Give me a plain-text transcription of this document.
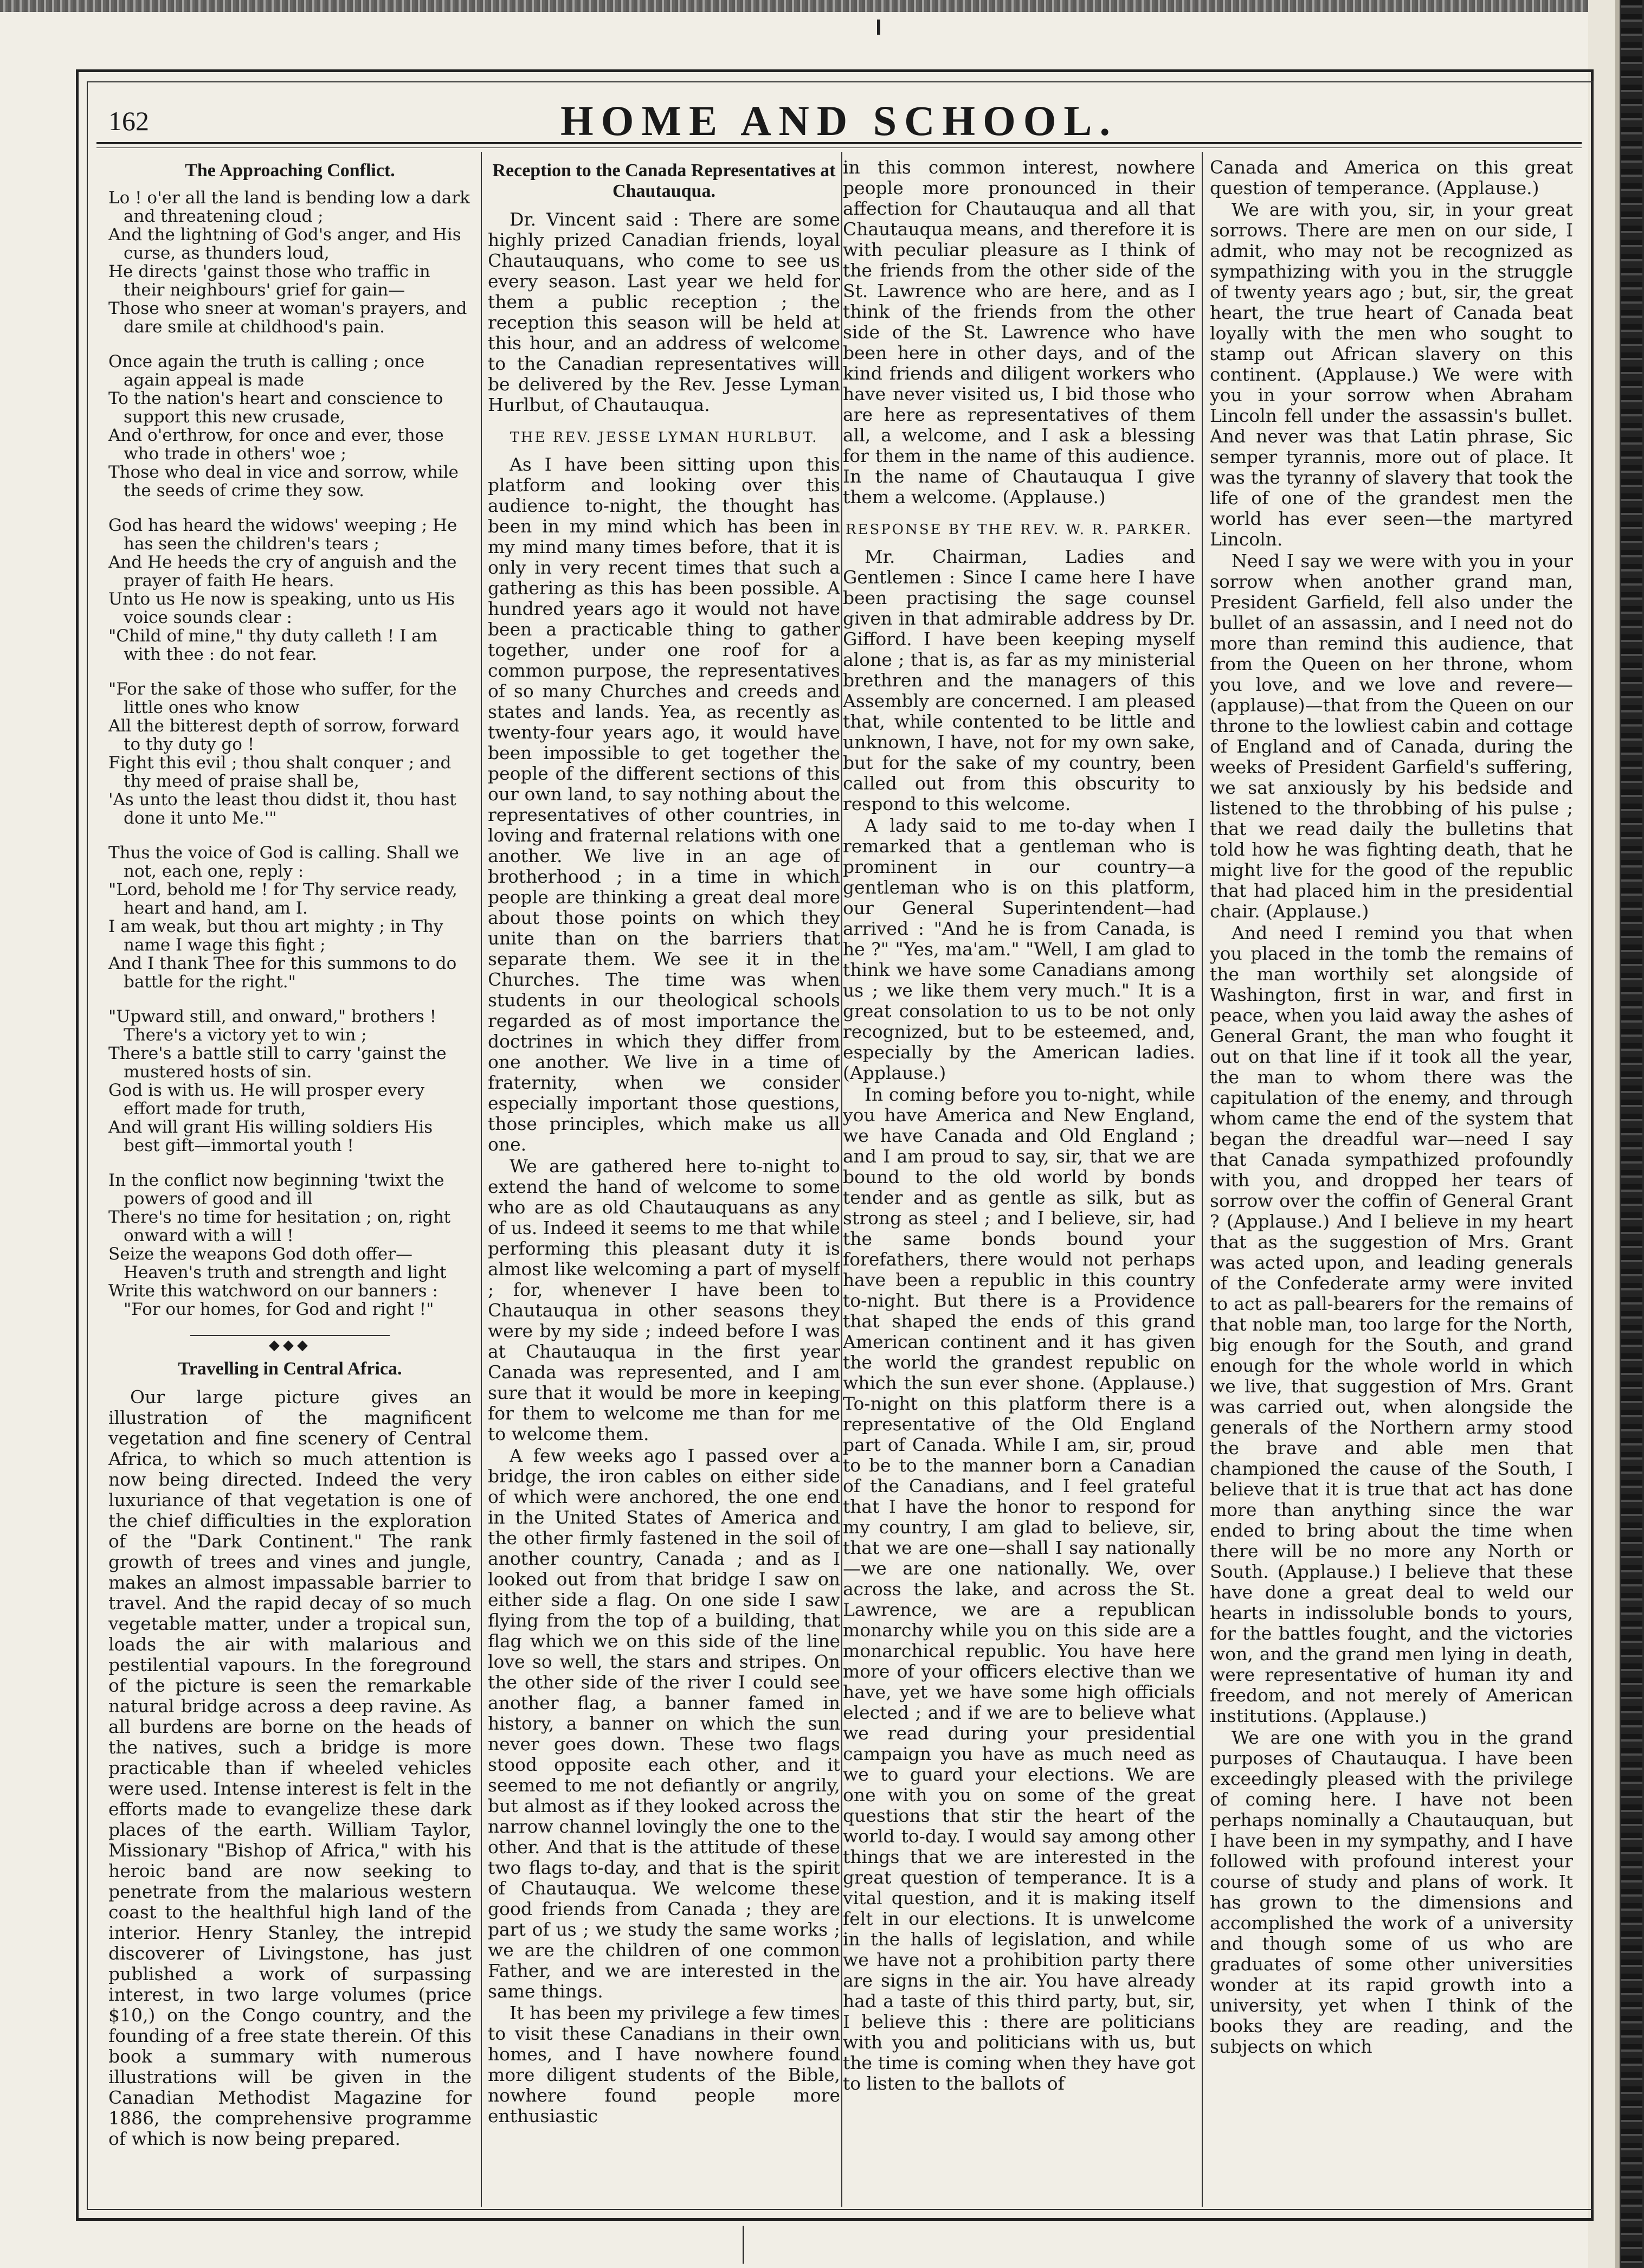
162	HOME AND SCHOOL.
The Approaching Conflict.
Lo ! o'er all the land is bending low a dark and threatening cloud ;
And the lightning of God's anger, and His curse, as thunders loud,
He directs 'gainst those who traffic in their neighbours' grief for gain—
Those who sneer at woman's prayers, and dare smile at childhood's pain.
Once again the truth is calling ; once again appeal is made
To the nation's heart and conscience to support this new crusade,
And o'erthrow, for once and ever, those who trade in others' woe ;
Those who deal in vice and sorrow, while the seeds of crime they sow.
God has heard the widows' weeping ; He has seen the children's tears ;
And He heeds the cry of anguish and the prayer of faith He hears.
Unto us He now is speaking, unto us His voice sounds clear :
"Child of mine," thy duty calleth ! I am with thee : do not fear.
"For the sake of those who suffer, for the little ones who know
All the bitterest depth of sorrow, forward to thy duty go !
Fight this evil ; thou shalt conquer ; and thy meed of praise shall be,
'As unto the least thou didst it, thou hast done it unto Me.'"
Thus the voice of God is calling. Shall we not, each one, reply :
"Lord, behold me ! for Thy service ready, heart and hand, am I.
I am weak, but thou art mighty ; in Thy name I wage this fight ;
And I thank Thee for this summons to do battle for the right."
"Upward still, and onward," brothers ! There's a victory yet to win ;
There's a battle still to carry 'gainst the mustered hosts of sin.
God is with us. He will prosper every effort made for truth,
And will grant His willing soldiers His best gift—immortal youth !
In the conflict now beginning 'twixt the powers of good and ill
There's no time for hesitation ; on, right onward with a will !
Seize the weapons God doth offer—Heaven's truth and strength and light
Write this watchword on our banners : "For our homes, for God and right !"
◆◆◆
Travelling in Central Africa.

Our large picture gives an illustration of the magnificent vegetation and fine scenery of Central Africa, to which so much attention is now being directed. Indeed the very luxuriance of that vegetation is one of the chief difficulties in the exploration of the "Dark Continent." The rank growth of trees and vines and jungle, makes an almost impassable barrier to travel. And the rapid decay of so much vegetable matter, under a tropical sun, loads the air with malarious and pestilential vapours. In the foreground of the picture is seen the remarkable natural bridge across a deep ravine. As all burdens are borne on the heads of the natives, such a bridge is more practicable than if wheeled vehicles were used. Intense interest is felt in the efforts made to evangelize these dark places of the earth. William Taylor, Missionary "Bishop of Africa," with his heroic band are now seeking to penetrate from the malarious western coast to the healthful high land of the interior. Henry Stanley, the intrepid discoverer of Livingstone, has just published a work of surpassing interest, in two large volumes (price $10,) on the Congo country, and the founding of a free state therein. Of this book a summary with numerous illustrations will be given in the Canadian Methodist Magazine for 1886, the comprehensive programme of which is now being prepared.

Reception to the Canada Representatives at Chautauqua.

Dr. Vincent said : There are some highly prized Canadian friends, loyal Chautauquans, who come to see us every season. Last year we held for them a public reception ; the reception this season will be held at this hour, and an address of welcome to the Canadian representatives will be delivered by the Rev. Jesse Lyman Hurlbut, of Chautauqua.

THE REV. JESSE LYMAN HURLBUT.

As I have been sitting upon this platform and looking over this audience to-night, the thought has been in my mind which has been in my mind many times before, that it is only in very recent times that such a gathering as this has been possible. A hundred years ago it would not have been a practicable thing to gather together, under one roof for a common purpose, the representatives of so many Churches and creeds and states and lands. Yea, as recently as twenty-four years ago, it would have been impossible to get together the people of the different sections of this our own land, to say nothing about the representatives of other countries, in loving and fraternal relations with one another. We live in an age of brotherhood ; in a time in which people are thinking a great deal more about those points on which they unite than on the barriers that separate them. We see it in the Churches. The time was when students in our theological schools regarded as of most importance the doctrines in which they differ from one another. We live in a time of fraternity, when we consider especially important those questions, those principles, which make us all one.

We are gathered here to-night to extend the hand of welcome to some who are as old Chautauquans as any of us. Indeed it seems to me that while performing this pleasant duty it is almost like welcoming a part of myself ; for, whenever I have been to Chautauqua in other seasons they were by my side ; indeed before I was at Chautauqua in the first year Canada was represented, and I am sure that it would be more in keeping for them to welcome me than for me to welcome them.

A few weeks ago I passed over a bridge, the iron cables on either side of which were anchored, the one end in the United States of America and the other firmly fastened in the soil of another country, Canada ; and as I looked out from that bridge I saw on either side a flag. On one side I saw flying from the top of a building, that flag which we on this side of the line love so well, the stars and stripes. On the other side of the river I could see another flag, a banner famed in history, a banner on which the sun never goes down. These two flags stood opposite each other, and it seemed to me not defiantly or angrily, but almost as if they looked across the narrow channel lovingly the one to the other. And that is the attitude of these two flags to-day, and that is the spirit of Chautauqua. We welcome these good friends from Canada ; they are part of us ; we study the same works ; we are the children of one common Father, and we are interested in the same things.

It has been my privilege a few times to visit these Canadians in their own homes, and I have nowhere found more diligent students of the Bible, nowhere found people more enthusiastic

in this common interest, nowhere people more pronounced in their affection for Chautauqua and all that Chautauqua means, and therefore it is with peculiar pleasure as I think of the friends from the other side of the St. Lawrence who are here, and as I think of the friends from the other side of the St. Lawrence who have been here in other days, and of the kind friends and diligent workers who have never visited us, I bid those who are here as representatives of them all, a welcome, and I ask a blessing for them in the name of this audience. In the name of Chautauqua I give them a welcome. (Applause.)

RESPONSE BY THE REV. W. R. PARKER.

Mr. Chairman, Ladies and Gentlemen : Since I came here I have been practising the sage counsel given in that admirable address by Dr. Gifford. I have been keeping myself alone ; that is, as far as my ministerial brethren and the managers of this Assembly are concerned. I am pleased that, while contented to be little and unknown, I have, not for my own sake, but for the sake of my country, been called out from this obscurity to respond to this welcome.

A lady said to me to-day when I remarked that a gentleman who is prominent in our country—a gentleman who is on this platform, our General Superintendent—had arrived : "And he is from Canada, is he ?" "Yes, ma'am." "Well, I am glad to think we have some Canadians among us ; we like them very much." It is a great consolation to us to be not only recognized, but to be esteemed, and, especially by the American ladies. (Applause.)

In coming before you to-night, while you have America and New England, we have Canada and Old England ; and I am proud to say, sir, that we are bound to the old world by bonds tender and as gentle as silk, but as strong as steel ; and I believe, sir, had the same bonds bound your forefathers, there would not perhaps have been a republic in this country to-night. But there is a Providence that shaped the ends of this grand American continent and it has given the world the grandest republic on which the sun ever shone. (Applause.) To-night on this platform there is a representative of the Old England part of Canada. While I am, sir, proud to be to the manner born a Canadian of the Canadians, and I feel grateful that I have the honor to respond for my country, I am glad to believe, sir, that we are one—shall I say nationally—we are one nationally. We, over across the lake, and across the St. Lawrence, we are a republican monarchy while you on this side are a monarchical republic. You have here more of your officers elective than we have, yet we have some high officials elected ; and if we are to believe what we read during your presidential campaign you have as much need as we to guard your elections. We are one with you on some of the great questions that stir the heart of the world to-day. I would say among other things that we are interested in the great question of temperance. It is a vital question, and it is making itself felt in our elections. It is unwelcome in the halls of legislation, and while we have not a prohibition party there are signs in the air. You have already had a taste of this third party, but, sir, I believe this : there are politicians with you and politicians with us, but the time is coming when they have got to listen to the ballots of

Canada and America on this great question of temperance. (Applause.)

We are with you, sir, in your great sorrows. There are men on our side, I admit, who may not be recognized as sympathizing with you in the struggle of twenty years ago ; but, sir, the great heart, the true heart of Canada beat loyally with the men who sought to stamp out African slavery on this continent. (Applause.) We were with you in your sorrow when Abraham Lincoln fell under the assassin's bullet. And never was that Latin phrase, Sic semper tyrannis, more out of place. It was the tyranny of slavery that took the life of one of the grandest men the world has ever seen—the martyred Lincoln.

Need I say we were with you in your sorrow when another grand man, President Garfield, fell also under the bullet of an assassin, and I need not do more than remind this audience, that from the Queen on her throne, whom you love, and we love and revere—(applause)—that from the Queen on our throne to the lowliest cabin and cottage of England and of Canada, during the weeks of President Garfield's suffering, we sat anxiously by his bedside and listened to the throbbing of his pulse ; that we read daily the bulletins that told how he was fighting death, that he might live for the good of the republic that had placed him in the presidential chair. (Applause.)

And need I remind you that when you placed in the tomb the remains of the man worthily set alongside of Washington, first in war, and first in peace, when you laid away the ashes of General Grant, the man who fought it out on that line if it took all the year, the man to whom there was the capitulation of the enemy, and through whom came the end of the system that began the dreadful war—need I say that Canada sympathized profoundly with you, and dropped her tears of sorrow over the coffin of General Grant ? (Applause.) And I believe in my heart that as the suggestion of Mrs. Grant was acted upon, and leading generals of the Confederate army were invited to act as pall-bearers for the remains of that noble man, too large for the North, big enough for the South, and grand enough for the whole world in which we live, that suggestion of Mrs. Grant was carried out, when alongside the generals of the Northern army stood the brave and able men that championed the cause of the South, I believe that it is true that act has done more than anything since the war ended to bring about the time when there will be no more any North or South. (Applause.) I believe that these have done a great deal to weld our hearts in indissoluble bonds to yours, for the battles fought, and the victories won, and the grand men lying in death, were representative of human ity and freedom, and not merely of American institutions. (Applause.)

We are one with you in the grand purposes of Chautauqua. I have been exceedingly pleased with the privilege of coming here. I have not been perhaps nominally a Chautauquan, but I have been in my sympathy, and I have followed with profound interest your course of study and plans of work. It has grown to the dimensions and accomplished the work of a university and though some of us who are graduates of some other universities wonder at its rapid growth into a university, yet when I think of the books they are reading, and the subjects on which
